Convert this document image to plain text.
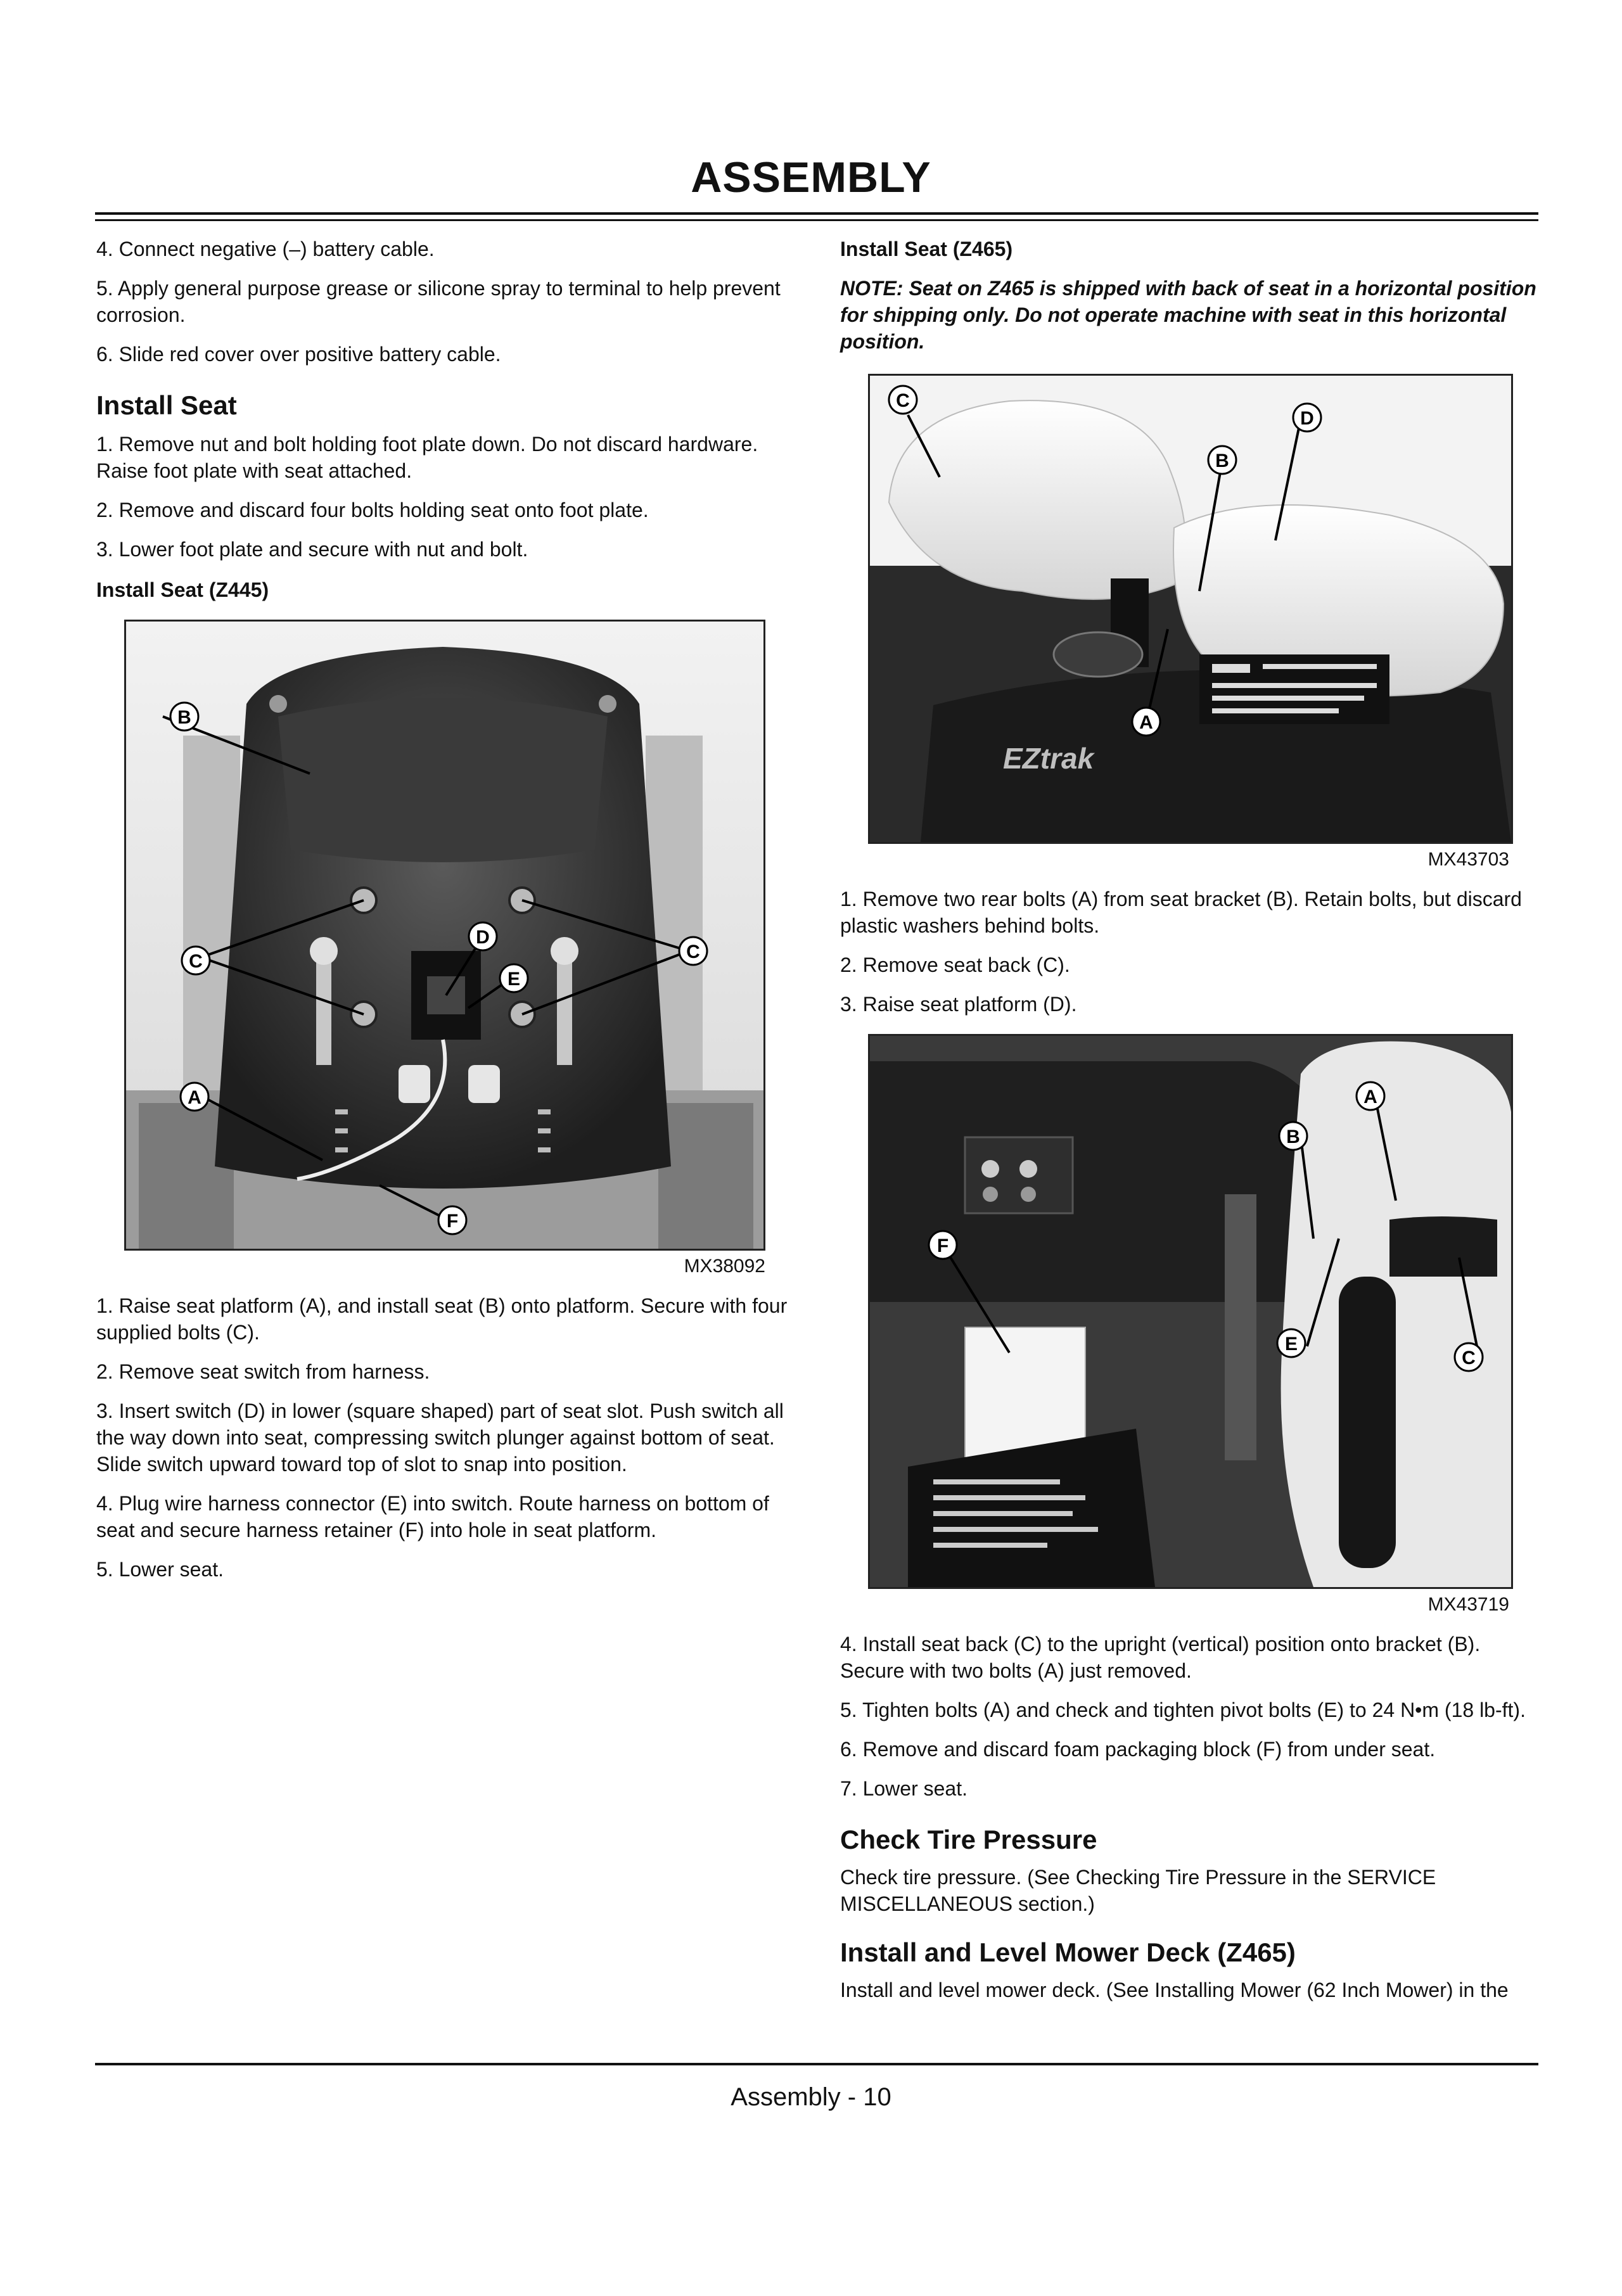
ASSEMBLY

4. Connect negative (–) battery cable.

5. Apply general purpose grease or silicone spray to terminal to help prevent corrosion.

6. Slide red cover over positive battery cable.

Install Seat

1. Remove nut and bolt holding foot plate down. Do not discard hardware. Raise foot plate with seat attached.

2. Remove and discard four bolts holding seat onto foot plate.

3. Lower foot plate and secure with nut and bolt.

Install Seat (Z445)
B
C	C
D
E
A
F
MX38092

1. Raise seat platform (A), and install seat (B) onto platform. Secure with four supplied bolts (C).

2. Remove seat switch from harness.

3. Insert switch (D) in lower (square shaped) part of seat slot. Push switch all the way down into seat, compressing switch plunger against bottom of seat. Slide switch upward toward top of slot to snap into position.

4. Plug wire harness connector (E) into switch. Route harness on bottom of seat and secure harness retainer (F) into hole in seat platform.

5. Lower seat.

Install Seat (Z465)

NOTE: Seat on Z465 is shipped with back of seat in a horizontal position for shipping only. Do not operate machine with seat in this horizontal position.

EZtrak
C
D
B
A
MX43703

1. Remove two rear bolts (A) from seat bracket (B). Retain bolts, but discard plastic washers behind bolts.

2. Remove seat back (C).

3. Raise seat platform (D).

A
B
F
E
C
MX43719

4. Install seat back (C) to the upright (vertical) position onto bracket (B). Secure with two bolts (A) just removed.

5. Tighten bolts (A) and check and tighten pivot bolts (E) to 24 N•m (18 lb-ft).

6. Remove and discard foam packaging block (F) from under seat.

7. Lower seat.

Check Tire Pressure

Check tire pressure. (See Checking Tire Pressure in the SERVICE MISCELLANEOUS section.)

Install and Level Mower Deck (Z465)

Install and level mower deck. (See Installing Mower (62 Inch Mower) in the

Assembly - 10
